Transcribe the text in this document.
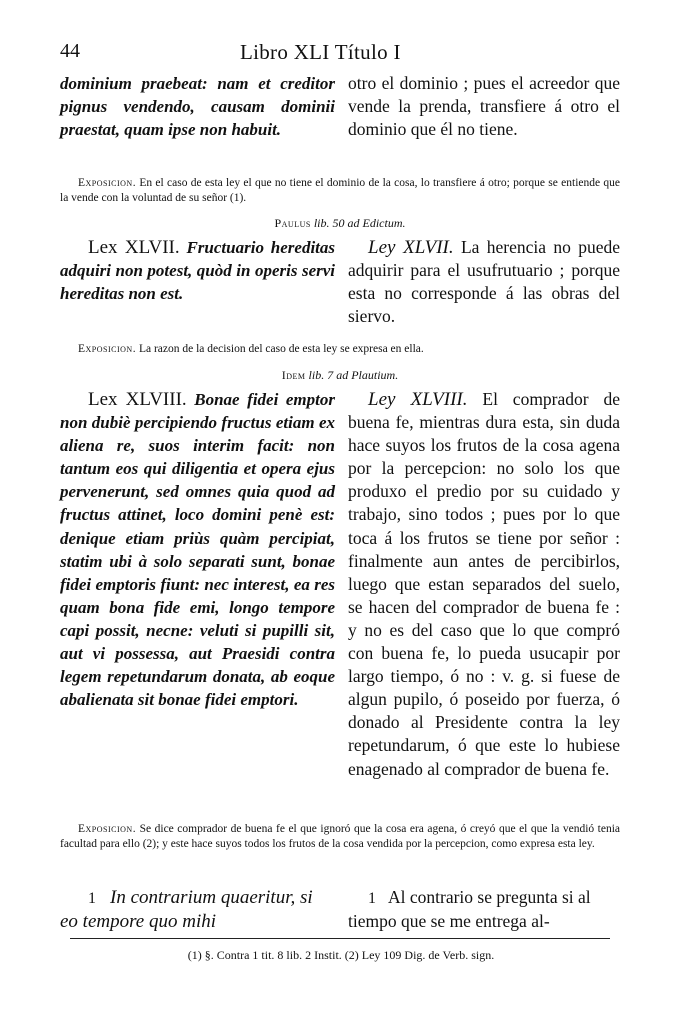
44	Libro XLI Título I
dominium praebeat: nam et creditor pignus vendendo, causam dominii praestat, quam ipse non habuit.
otro el dominio ; pues el acreedor que vende la prenda, transfiere á otro el dominio que él no tiene.
Exposicion. En el caso de esta ley el que no tiene el dominio de la cosa, lo transfiere á otro; porque se entiende que la vende con la voluntad de su señor (1).
Paulus lib. 50 ad Edictum.
Lex XLVII. Fructuario hereditas adquiri non potest, quòd in operis servi hereditas non est.
Ley XLVII. La herencia no puede adquirir para el usufrutuario ; porque esta no corresponde á las obras del siervo.
Exposicion. La razon de la decision del caso de esta ley se expresa en ella.
Idem lib. 7 ad Plautium.
Lex XLVIII. Bonae fidei emptor non dubiè percipiendo fructus etiam ex aliena re, suos interim facit: non tantum eos qui diligentia et opera ejus pervenerunt, sed omnes quia quod ad fructus attinet, loco domini penè est: denique etiam priùs quàm percipiat, statim ubi à solo separati sunt, bonae fidei emptoris fiunt: nec interest, ea res quam bona fide emi, longo tempore capi possit, necne: veluti si pupilli sit, aut vi possessa, aut Praesidi contra legem repetundarum donata, ab eoque abalienata sit bonae fidei emptori.
Ley XLVIII. El comprador de buena fe, mientras dura esta, sin duda hace suyos los frutos de la cosa agena por la percepcion: no solo los que produxo el predio por su cuidado y trabajo, sino todos ; pues por lo que toca á los frutos se tiene por señor : finalmente aun antes de percibirlos, luego que estan separados del suelo, se hacen del comprador de buena fe : y no es del caso que lo que compró con buena fe, lo pueda usucapir por largo tiempo, ó no : v. g. si fuese de algun pupilo, ó poseido por fuerza, ó donado al Presidente contra la ley repetundarum, ó que este lo hubiese enagenado al comprador de buena fe.
Exposicion. Se dice comprador de buena fe el que ignoró que la cosa era agena, ó creyó que el que la vendió tenia facultad para ello (2); y este hace suyos todos los frutos de la cosa vendida por la percepcion, como expresa esta ley.
1 In contrarium quaeritur, si eo tempore quo mihi
1 Al contrario se pregunta si al tiempo que se me entrega al-
(1) §. Contra 1 tit. 8 lib. 2 Instit. (2) Ley 109 Dig. de Verb. sign.
